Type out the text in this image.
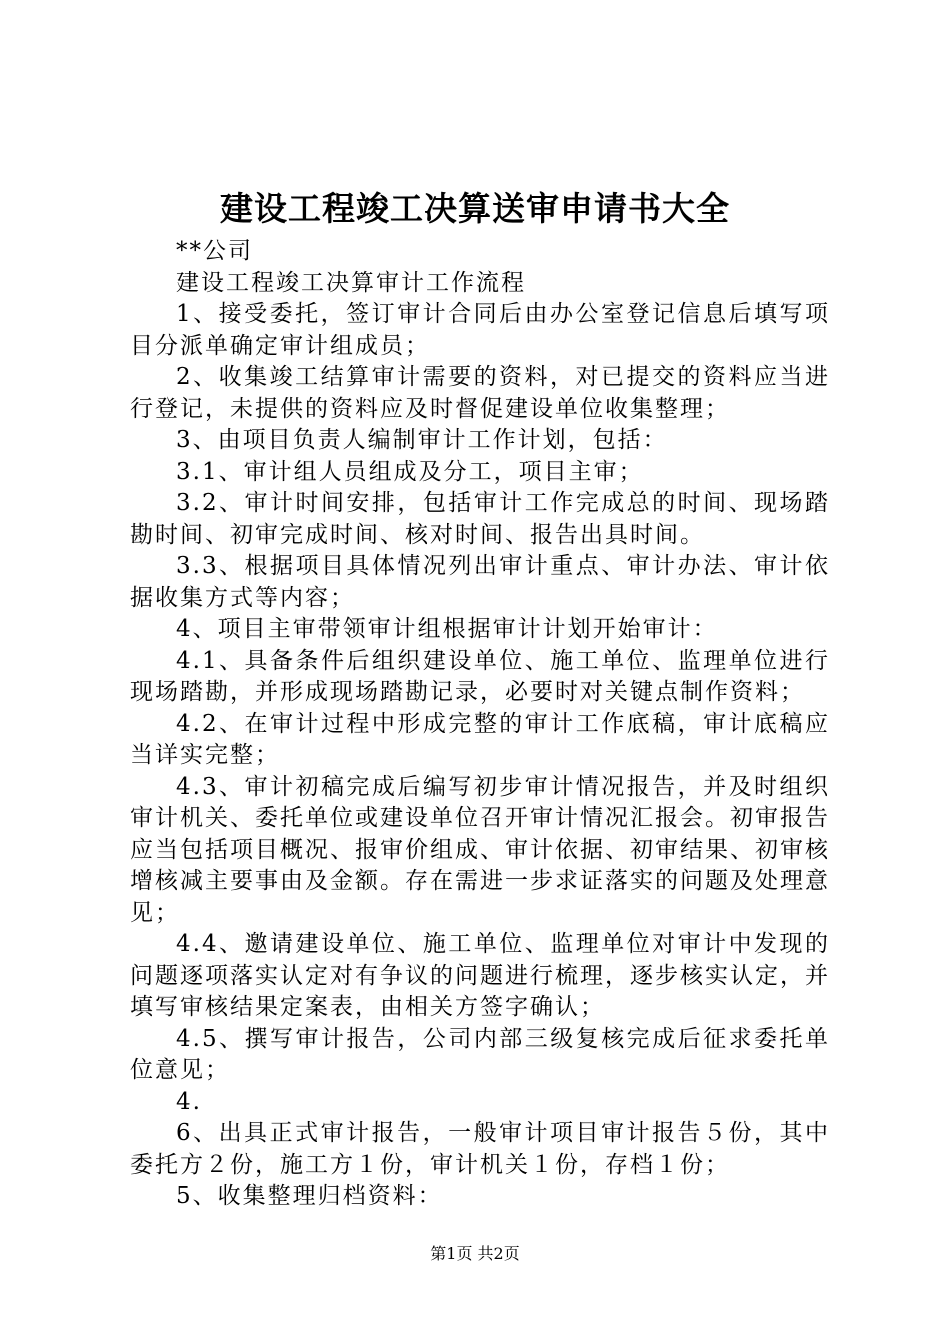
建设工程竣工决算送审申请书大全

**公司

建设工程竣工决算审计工作流程

1、接受委托，签订审计合同后由办公室登记信息后填写项目分派单确定审计组成员；

2、收集竣工结算审计需要的资料，对已提交的资料应当进行登记，未提供的资料应及时督促建设单位收集整理；

3、由项目负责人编制审计工作计划，包括：

3.1、审计组人员组成及分工，项目主审；

3.2、审计时间安排，包括审计工作完成总的时间、现场踏勘时间、初审完成时间、核对时间、报告出具时间。

3.3、根据项目具体情况列出审计重点、审计办法、审计依据收集方式等内容；

4、项目主审带领审计组根据审计计划开始审计：

4.1、具备条件后组织建设单位、施工单位、监理单位进行现场踏勘，并形成现场踏勘记录，必要时对关键点制作资料；

4.2、在审计过程中形成完整的审计工作底稿，审计底稿应当详实完整；

4.3、审计初稿完成后编写初步审计情况报告，并及时组织审计机关、委托单位或建设单位召开审计情况汇报会。初审报告应当包括项目概况、报审价组成、审计依据、初审结果、初审核增核减主要事由及金额。存在需进一步求证落实的问题及处理意见；

4.4、邀请建设单位、施工单位、监理单位对审计中发现的问题逐项落实认定对有争议的问题进行梳理，逐步核实认定，并填写审核结果定案表，由相关方签字确认；

4.5、撰写审计报告，公司内部三级复核完成后征求委托单位意见；

4.

6、出具正式审计报告，一般审计项目审计报告５份，其中委托方２份，施工方１份，审计机关１份，存档１份；

5、收集整理归档资料：

第1页 共2页
